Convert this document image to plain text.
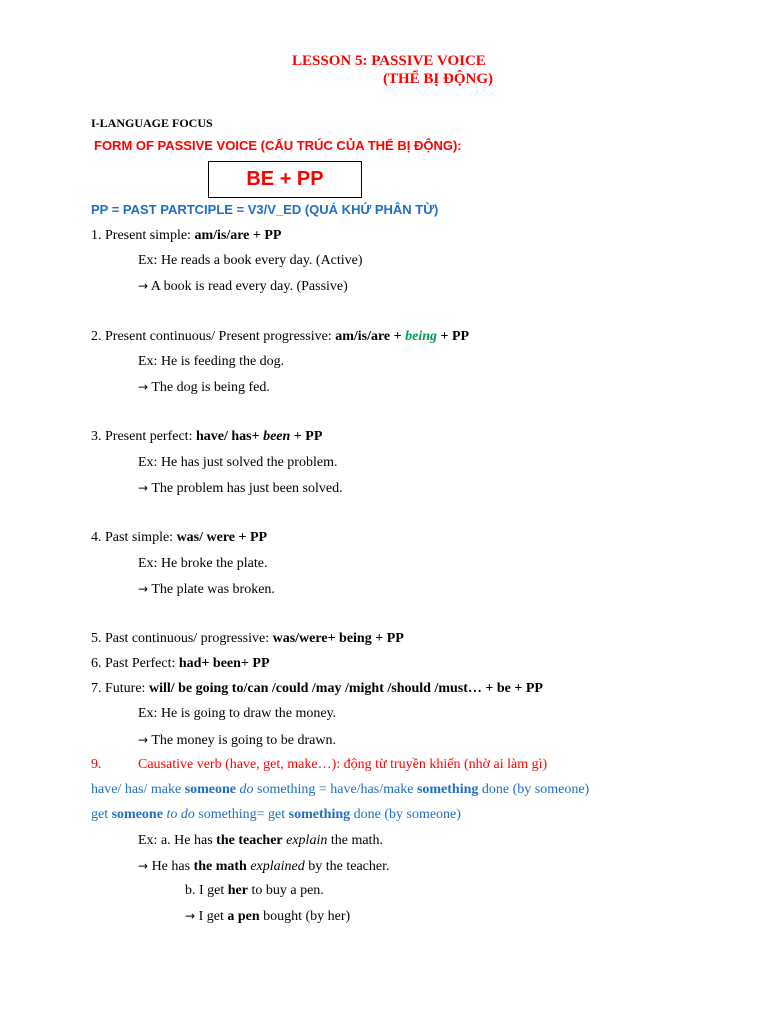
LESSON 5: PASSIVE VOICE
(THỂ BỊ ĐỘNG)
I-LANGUAGE FOCUS
FORM OF PASSIVE VOICE (CẤU TRÚC CỦA THỂ BỊ ĐỘNG):
BE + PP
PP = PAST PARTCIPLE = V3/V_ED (QUÁ KHỨ PHÂN TỪ)
1. Present simple: am/is/are + PP
Ex: He reads a book every day. (Active)
→ A book is read every day. (Passive)
2. Present continuous/ Present progressive: am/is/are + being + PP
Ex: He is feeding the dog.
→ The dog is being fed.
3. Present perfect: have/ has+ been + PP
Ex: He has just solved the problem.
→ The problem has just been solved.
4. Past simple: was/ were + PP
Ex: He broke the plate.
→ The plate was broken.
5. Past continuous/ progressive: was/were+ being + PP
6. Past Perfect: had+ been+ PP
7. Future: will/ be going to/can /could /may /might /should /must… + be + PP
Ex: He is going to draw the money.
→ The money is going to be drawn.
9.	Causative verb (have, get, make…): động từ truyền khiến (nhờ ai làm gì)
have/ has/ make someone do something = have/has/make something done (by someone)
get someone to do something= get something done (by someone)
Ex: a. He has the teacher explain the math.
→ He has the math explained by the teacher.
b. I get her to buy a pen.
→ I get a pen bought (by her)
